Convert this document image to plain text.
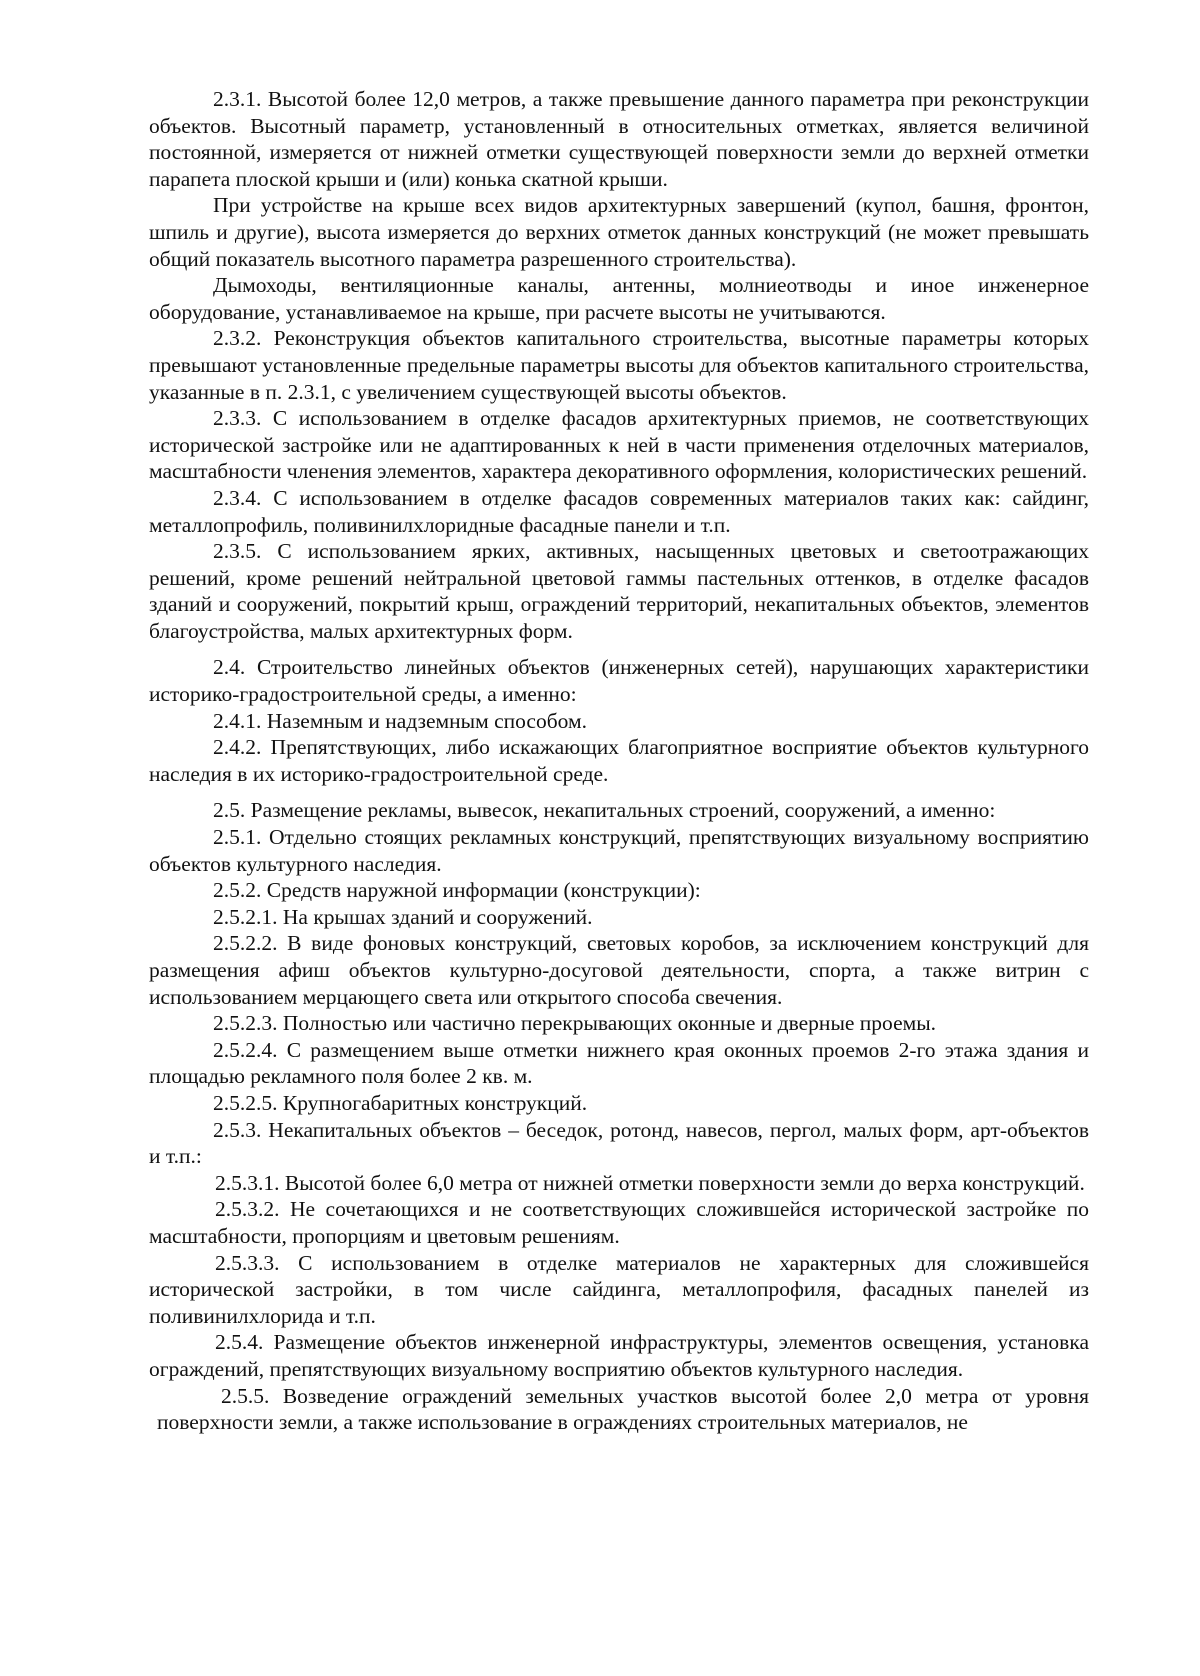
2.3.1. Высотой более 12,0 метров, а также превышение данного параметра при реконструкции объектов. Высотный параметр, установленный в относительных отметках, является величиной постоянной, измеряется от нижней отметки существующей поверхности земли до верхней отметки парапета плоской крыши и (или) конька скатной крыши.

При устройстве на крыше всех видов архитектурных завершений (купол, башня, фронтон, шпиль и другие), высота измеряется до верхних отметок данных конструкций (не может превышать общий показатель высотного параметра разрешенного строительства).

Дымоходы, вентиляционные каналы, антенны, молниеотводы и иное инженерное оборудование, устанавливаемое на крыше, при расчете высоты не учитываются.

2.3.2. Реконструкция объектов капитального строительства, высотные параметры которых превышают установленные предельные параметры высоты для объектов капитального строительства, указанные в п. 2.3.1, с увеличением существующей высоты объектов.

2.3.3. С использованием в отделке фасадов архитектурных приемов, не соответствующих исторической застройке или не адаптированных к ней в части применения отделочных материалов, масштабности членения элементов, характера декоративного оформления, колористических решений.

2.3.4. С использованием в отделке фасадов современных материалов таких как: сайдинг, металлопрофиль, поливинилхлоридные фасадные панели и т.п.

2.3.5. С использованием ярких, активных, насыщенных цветовых и светоотражающих решений, кроме решений нейтральной цветовой гаммы пастельных оттенков, в отделке фасадов зданий и сооружений, покрытий крыш, ограждений территорий, некапитальных объектов, элементов благоустройства, малых архитектурных форм.

2.4. Строительство линейных объектов (инженерных сетей), нарушающих характеристики историко-градостроительной среды, а именно:

2.4.1. Наземным и надземным способом.

2.4.2. Препятствующих, либо искажающих благоприятное восприятие объектов культурного наследия в их историко-градостроительной среде.

2.5. Размещение рекламы, вывесок, некапитальных строений, сооружений, а именно:

2.5.1. Отдельно стоящих рекламных конструкций, препятствующих визуальному восприятию объектов культурного наследия.

2.5.2. Средств наружной информации (конструкции):

2.5.2.1. На крышах зданий и сооружений.

2.5.2.2. В виде фоновых конструкций, световых коробов, за исключением конструкций для размещения афиш объектов культурно-досуговой деятельности, спорта, а также витрин с использованием мерцающего света или открытого способа свечения.

2.5.2.3. Полностью или частично перекрывающих оконные и дверные проемы.

2.5.2.4. С размещением выше отметки нижнего края оконных проемов 2-го этажа здания и площадью рекламного поля более 2 кв. м.

2.5.2.5. Крупногабаритных конструкций.

2.5.3. Некапитальных объектов – беседок, ротонд, навесов, пергол, малых форм, арт-объектов и т.п.:

2.5.3.1. Высотой более 6,0 метра от нижней отметки поверхности земли до верха конструкций.

2.5.3.2. Не сочетающихся и не соответствующих сложившейся исторической застройке по масштабности, пропорциям и цветовым решениям.

2.5.3.3. С использованием в отделке материалов не характерных для сложившейся исторической застройки, в том числе сайдинга, металлопрофиля, фасадных панелей из поливинилхлорида и т.п.

2.5.4. Размещение объектов инженерной инфраструктуры, элементов освещения, установка ограждений, препятствующих визуальному восприятию объектов культурного наследия.

2.5.5. Возведение ограждений земельных участков высотой более 2,0 метра от уровня поверхности земли, а также использование в ограждениях строительных материалов, не
